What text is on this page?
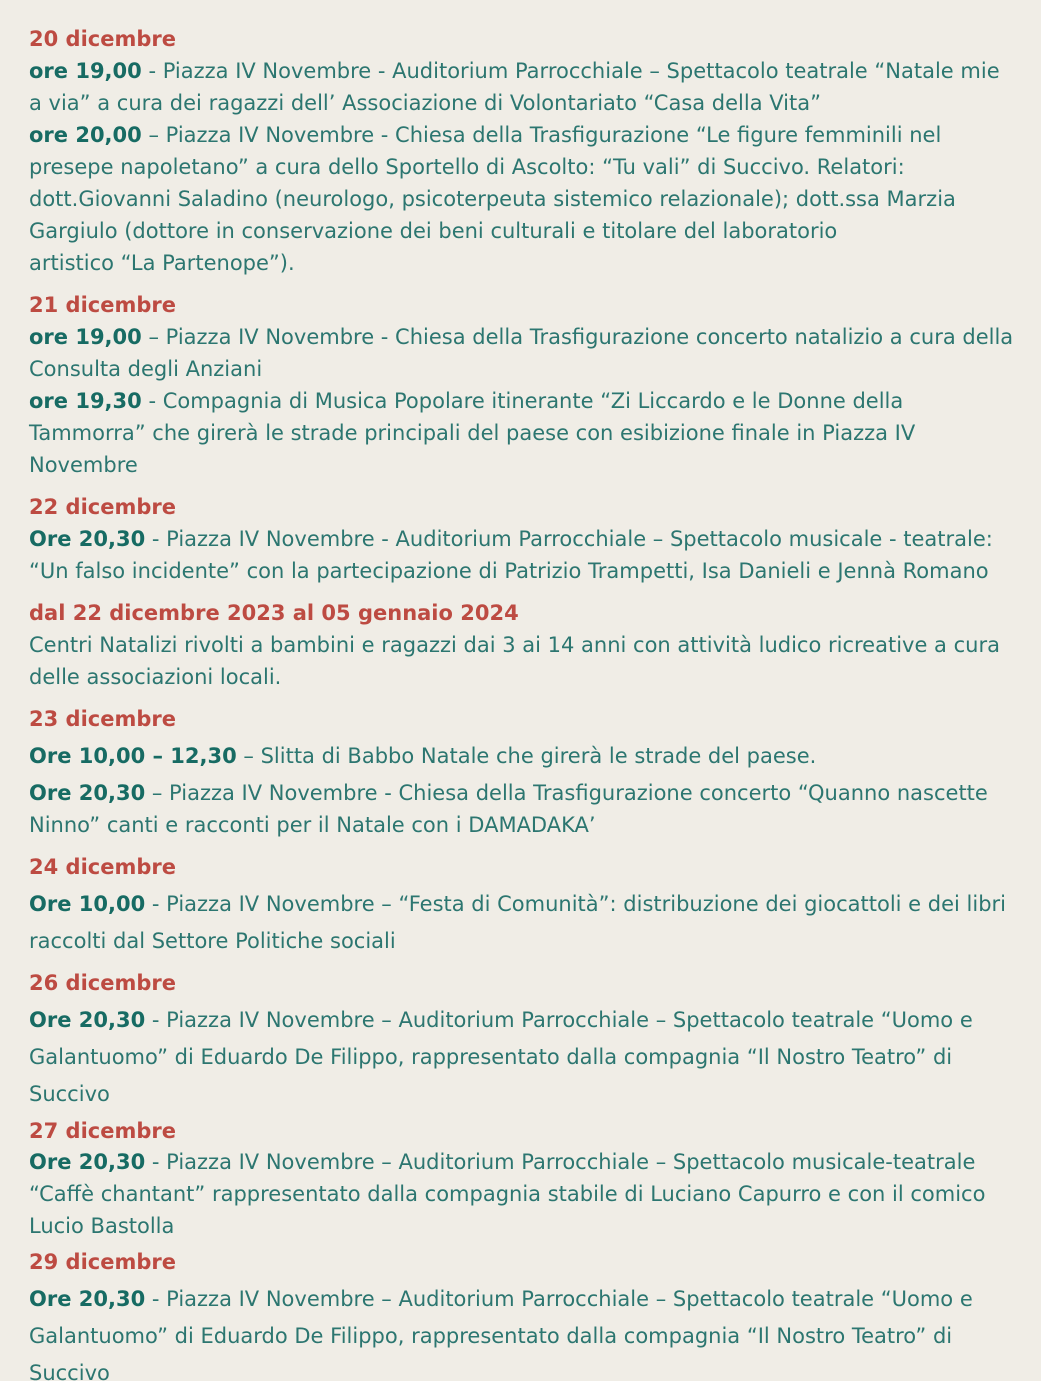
20 dicembre
ore 19,00 - Piazza IV Novembre - Auditorium Parrocchiale – Spettacolo teatrale “Natale mie
a via” a cura dei ragazzi dell’ Associazione di Volontariato “Casa della Vita”
ore 20,00 – Piazza IV Novembre - Chiesa della Trasfigurazione “Le figure femminili nel
presepe napoletano” a cura dello Sportello di Ascolto: “Tu vali” di Succivo. Relatori:
dott.Giovanni Saladino (neurologo, psicoterpeuta sistemico relazionale); dott.ssa Marzia
Gargiulo (dottore in conservazione dei beni culturali e titolare del laboratorio
artistico “La Partenope”).
21 dicembre
ore 19,00 – Piazza IV Novembre - Chiesa della Trasfigurazione concerto natalizio a cura della
Consulta degli Anziani
ore 19,30 - Compagnia di Musica Popolare itinerante “Zi Liccardo e le Donne della
Tammorra” che girerà le strade principali del paese con esibizione finale in Piazza IV
Novembre
22 dicembre
Ore 20,30 - Piazza IV Novembre - Auditorium Parrocchiale – Spettacolo musicale - teatrale:
“Un falso incidente” con la partecipazione di Patrizio Trampetti, Isa Danieli e Jennà Romano
dal 22 dicembre 2023 al 05 gennaio 2024
Centri Natalizi rivolti a bambini e ragazzi dai 3 ai 14 anni con attività ludico ricreative a cura
delle associazioni locali.
23 dicembre
Ore 10,00 – 12,30 – Slitta di Babbo Natale che girerà le strade del paese.
Ore 20,30 – Piazza IV Novembre - Chiesa della Trasfigurazione concerto “Quanno nascette
Ninno” canti e racconti per il Natale con i DAMADAKA’
24 dicembre
Ore 10,00 - Piazza IV Novembre – “Festa di Comunità”: distribuzione dei giocattoli e dei libri
raccolti dal Settore Politiche sociali
26 dicembre
Ore 20,30 - Piazza IV Novembre – Auditorium Parrocchiale – Spettacolo teatrale “Uomo e
Galantuomo” di Eduardo De Filippo, rappresentato dalla compagnia “Il Nostro Teatro” di
Succivo
27 dicembre
Ore 20,30 - Piazza IV Novembre – Auditorium Parrocchiale – Spettacolo musicale-teatrale
“Caffè chantant” rappresentato dalla compagnia stabile di Luciano Capurro e con il comico
Lucio Bastolla
29 dicembre
Ore 20,30 - Piazza IV Novembre – Auditorium Parrocchiale – Spettacolo teatrale “Uomo e
Galantuomo” di Eduardo De Filippo, rappresentato dalla compagnia “Il Nostro Teatro” di
Succivo
